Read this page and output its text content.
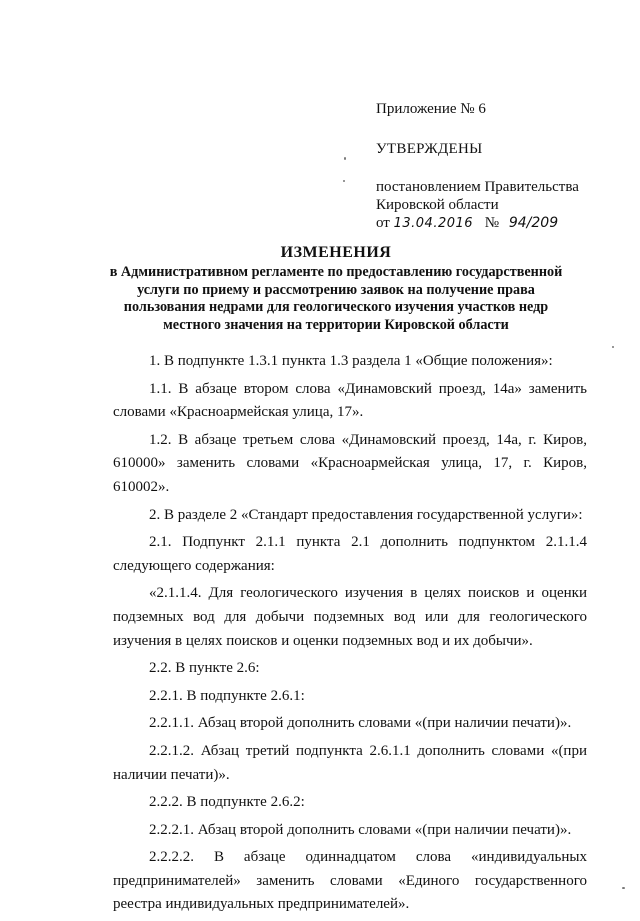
Приложение № 6

УТВЕРЖДЕНЫ

постановлением Правительства

Кировской области

от 13.04.2016 № 94/209

ИЗМЕНЕНИЯ

в Административном регламенте по предоставлению государственной услуги по приему и рассмотрению заявок на получение права пользования недрами для геологического изучения участков недр местного значения на территории Кировской области

1. В подпункте 1.3.1 пункта 1.3 раздела 1 «Общие положения»:

1.1. В абзаце втором слова «Динамовский проезд, 14а» заменить словами «Красноармейская улица, 17».

1.2. В абзаце третьем слова «Динамовский проезд, 14а, г. Киров, 610000» заменить словами «Красноармейская улица, 17, г. Киров, 610002».

2. В разделе 2 «Стандарт предоставления государственной услуги»:

2.1. Подпункт 2.1.1 пункта 2.1 дополнить подпунктом 2.1.1.4 следующего содержания:

«2.1.1.4. Для геологического изучения в целях поисков и оценки подземных вод для добычи подземных вод или для геологического изучения в целях поисков и оценки подземных вод и их добычи».

2.2. В пункте 2.6:

2.2.1. В подпункте 2.6.1:

2.2.1.1. Абзац второй дополнить словами «(при наличии печати)».

2.2.1.2. Абзац третий подпункта 2.6.1.1 дополнить словами «(при наличии печати)».

2.2.2. В подпункте 2.6.2:

2.2.2.1. Абзац второй дополнить словами «(при наличии печати)».

2.2.2.2. В абзаце одиннадцатом слова «индивидуальных предпринимателей» заменить словами «Единого государственного реестра индивидуальных предпринимателей».
